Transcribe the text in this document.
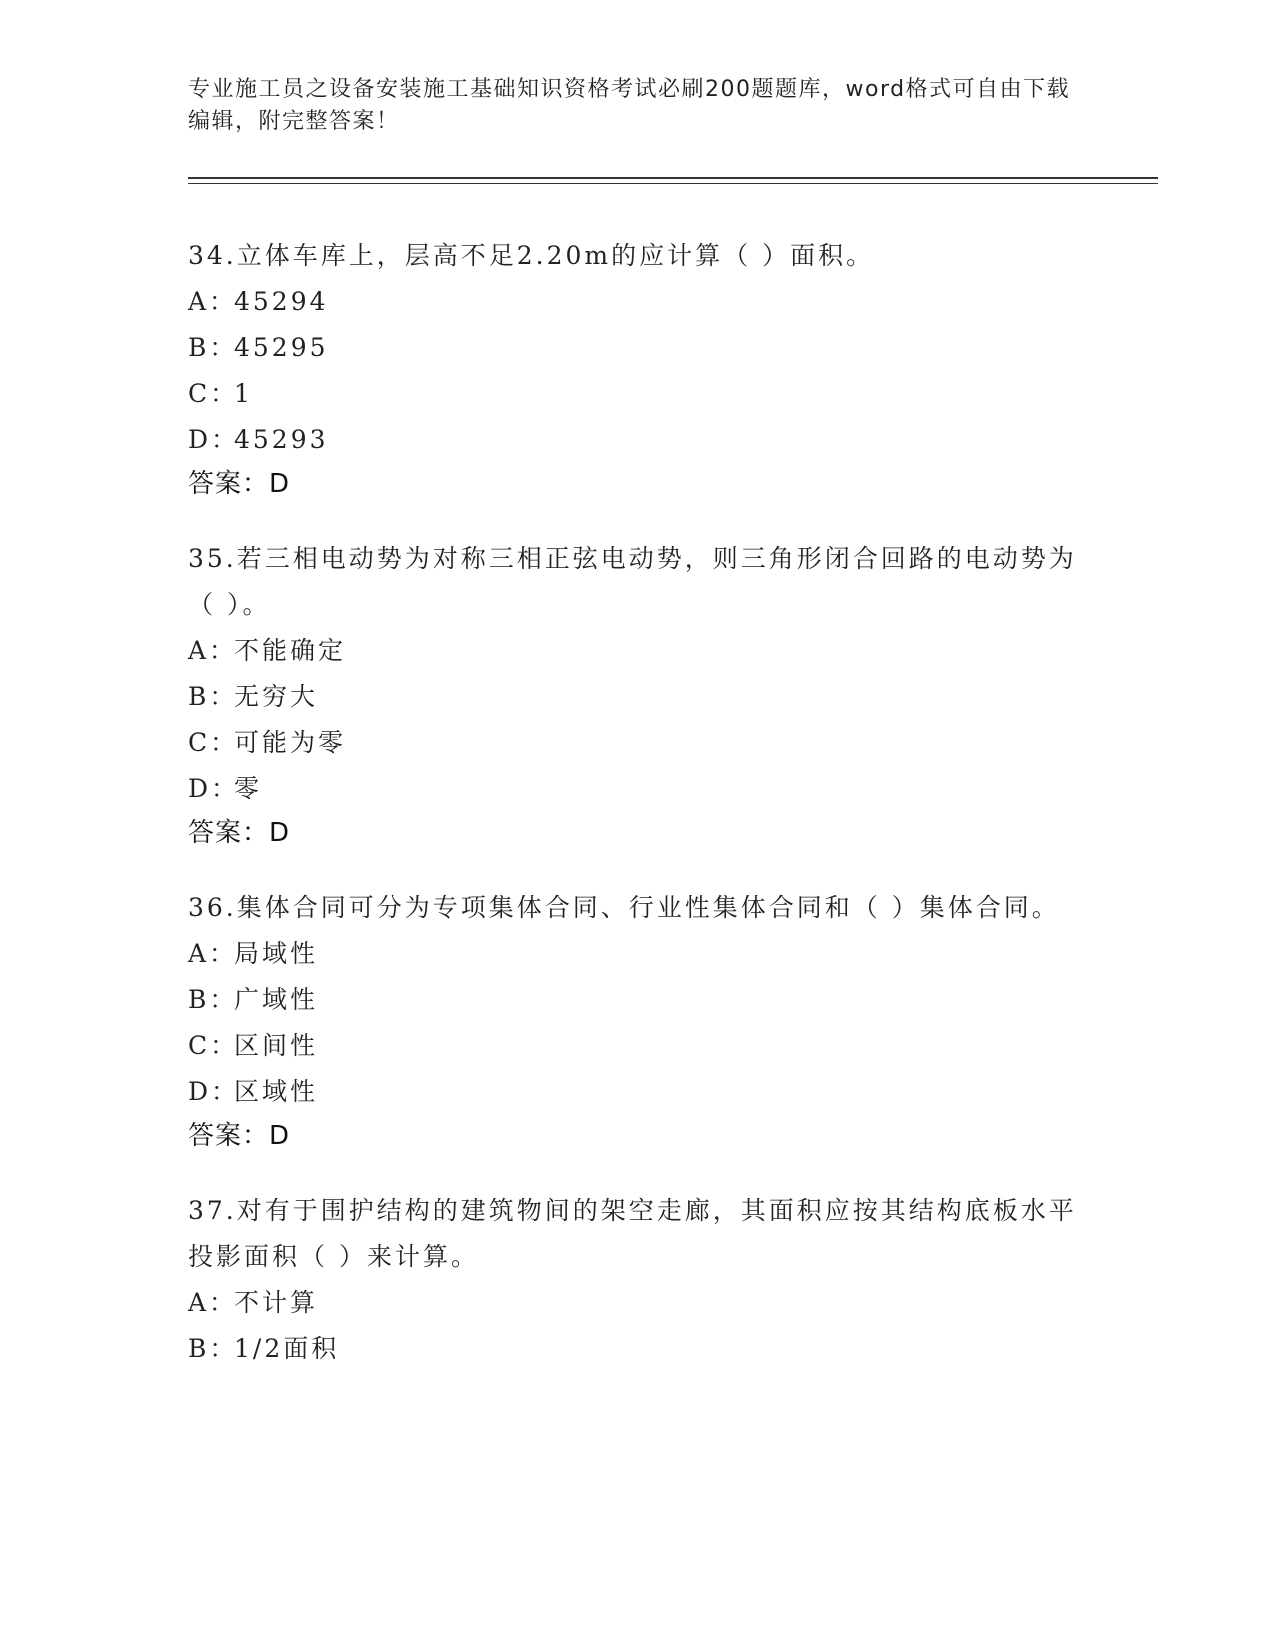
专业施工员之设备安装施工基础知识资格考试必刷200题题库，word格式可自由下载编辑，附完整答案！

34.立体车库上，层高不足2.20m的应计算（ ）面积。

A：45294

B：45295

C：1

D：45293

答案：D

35.若三相电动势为对称三相正弦电动势，则三角形闭合回路的电动势为（ ）。

A：不能确定

B：无穷大

C：可能为零

D：零

答案：D

36.集体合同可分为专项集体合同、行业性集体合同和（ ）集体合同。

A：局域性

B：广域性

C：区间性

D：区域性

答案：D

37.对有于围护结构的建筑物间的架空走廊，其面积应按其结构底板水平投影面积（ ）来计算。

A：不计算

B：1/2面积
